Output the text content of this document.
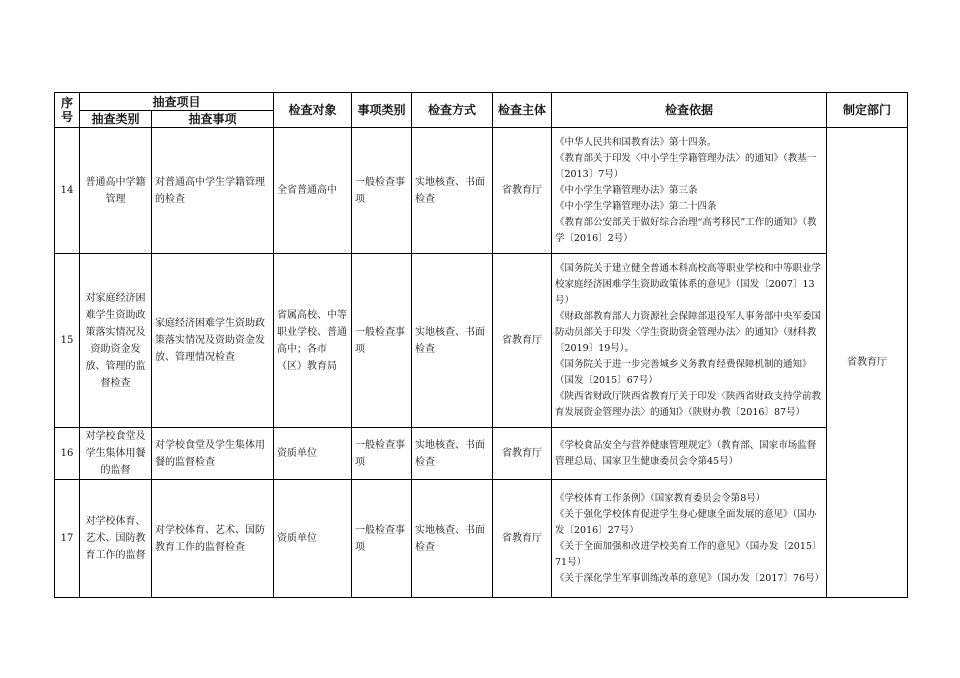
序号	抽查项目		检查对象	事项类别	检查方式	检查主体	检查依据	制定部门
	抽查类别	抽查事项						
14	普通高中学籍管理	对普通高中学生学籍管理的检查	全省普通高中	一般检查事项	实地核查、书面检查	省教育厅	《中华人民共和国教育法》第十四条。
《教育部关于印发〈中小学生学籍管理办法〉的通知》（教基一〔2013〕7号）
《中小学生学籍管理办法》第三条
《中小学生学籍管理办法》第二十四条
《教育部公安部关于做好综合治理“高考移民”工作的通知》（教学〔2016〕2号）	省教育厅
15	对家庭经济困难学生资助政策落实情况及资助资金发放、管理的监督检查	家庭经济困难学生资助政策落实情况及资助资金发放、管理情况检查	省属高校、中等职业学校、普通高中；各市（区）教育局	一般检查事项	实地核查、书面检查	省教育厅	《国务院关于建立健全普通本科高校高等职业学校和中等职业学校家庭经济困难学生资助政策体系的意见》（国发〔2007〕13号）
《财政部教育部人力资源社会保障部退役军人事务部中央军委国防动员部关于印发〈学生资助资金管理办法〉的通知》（财科教〔2019〕19号）。
《国务院关于进一步完善城乡义务教育经费保障机制的通知》（国发〔2015〕67号）
《陕西省财政厅陕西省教育厅关于印发〈陕西省财政支持学前教育发展资金管理办法〉的通知》（陕财办教〔2016〕87号）	

16	对学校食堂及学生集体用餐的监督	对学校食堂及学生集体用餐的监督检查	资质单位	一般检查事项	实地核查、书面检查	省教育厅	《学校食品安全与营养健康管理规定》（教育部、国家市场监督管理总局、国家卫生健康委员会令第45号）	

17	对学校体育、艺术、国防教育工作的监督	对学校体育、艺术、国防教育工作的监督检查	资质单位	一般检查事项	实地核查、书面检查	省教育厅	《学校体育工作条例》（国家教育委员会令第8号）
《关于强化学校体育促进学生身心健康全面发展的意见》（国办发〔2016〕27号）
《关于全面加强和改进学校美育工作的意见》（国办发〔2015〕71号）
《关于深化学生军事训练改革的意见》（国办发〔2017〕76号）	
